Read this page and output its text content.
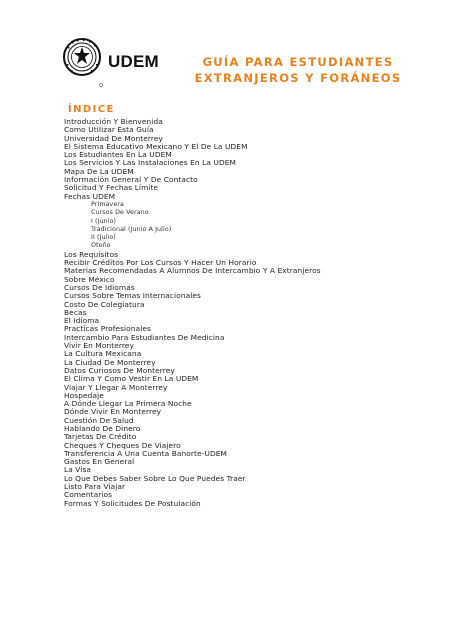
UDEM	GUÍA PARA ESTUDIANTES
EXTRANJEROS Y FORÁNEOS
ÍNDICE
Introducción Y Bienvenida
Como Utilizar Esta Guía
Universidad De Monterrey
El Sistema Educativo Mexicano Y El De La UDEM
Los Estudiantes En La UDEM
Los Servicios Y Las Instalaciones En La UDEM
Mapa De La UDEM
Información General Y De Contacto
Solicitud Y Fechas Límite
Fechas UDEM
Primavera
Cursos De Verano
I (Junio)
Tradicional (Junio A Julio)
II (Julio)
Otoño
Los Requisitos
Recibir Créditos Por Los Cursos Y Hacer Un Horario
Materias Recomendadas A Alumnos De Intercambio Y A Extranjeros
Sobre México
Cursos De Idiomas
Cursos Sobre Temas Internacionales
Costo De Colegiatura
Becas
El Idioma
Practicas Profesionales
Intercambio Para Estudiantes De Medicina
Vivir En Monterrey
La Cultura Mexicana
La Ciudad De Monterrey
Datos Curiosos De Monterrey
El Clima Y Como Vestir En La UDEM
Viajar Y Llegar A Monterrey
Hospedaje
A Dónde Llegar La Primera Noche
Dónde Vivir En Monterrey
Cuestión De Salud
Hablando De Dinero
Tarjetas De Crédito
Cheques Y Cheques De Viajero
Transferencia A Una Cuenta Banorte-UDEM
Gastos En General
La Visa
Lo Que Debes Saber Sobre Lo Que Puedes Traer
Listo Para Viajar
Comentarios
Formas Y Solicitudes De Postulación
